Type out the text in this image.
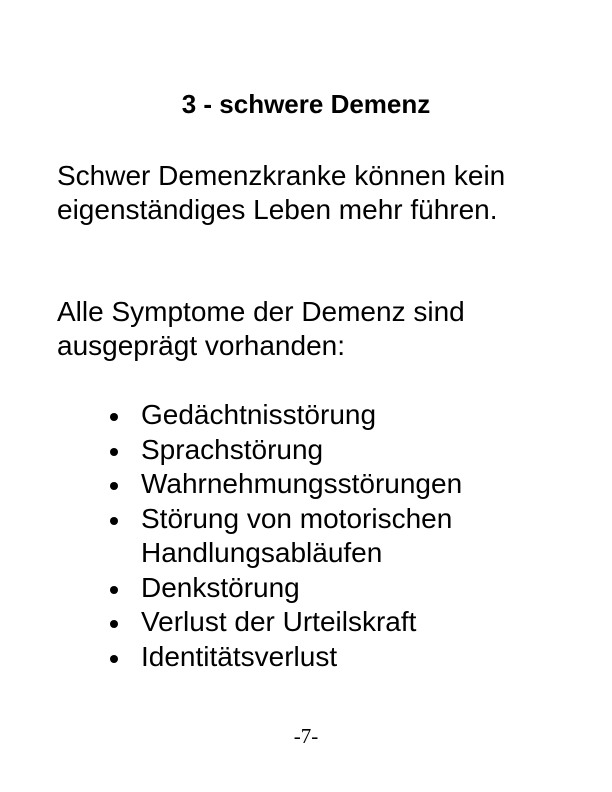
3 - schwere Demenz

Schwer Demenzkranke können kein eigenständiges Leben mehr führen.

Alle Symptome der Demenz sind ausgeprägt vorhanden:

Gedächtnisstörung
Sprachstörung
Wahrnehmungsstörungen
Störung von motorischen Handlungsabläufen
Denkstörung
Verlust der Urteilskraft
Identitätsverlust
-7-
